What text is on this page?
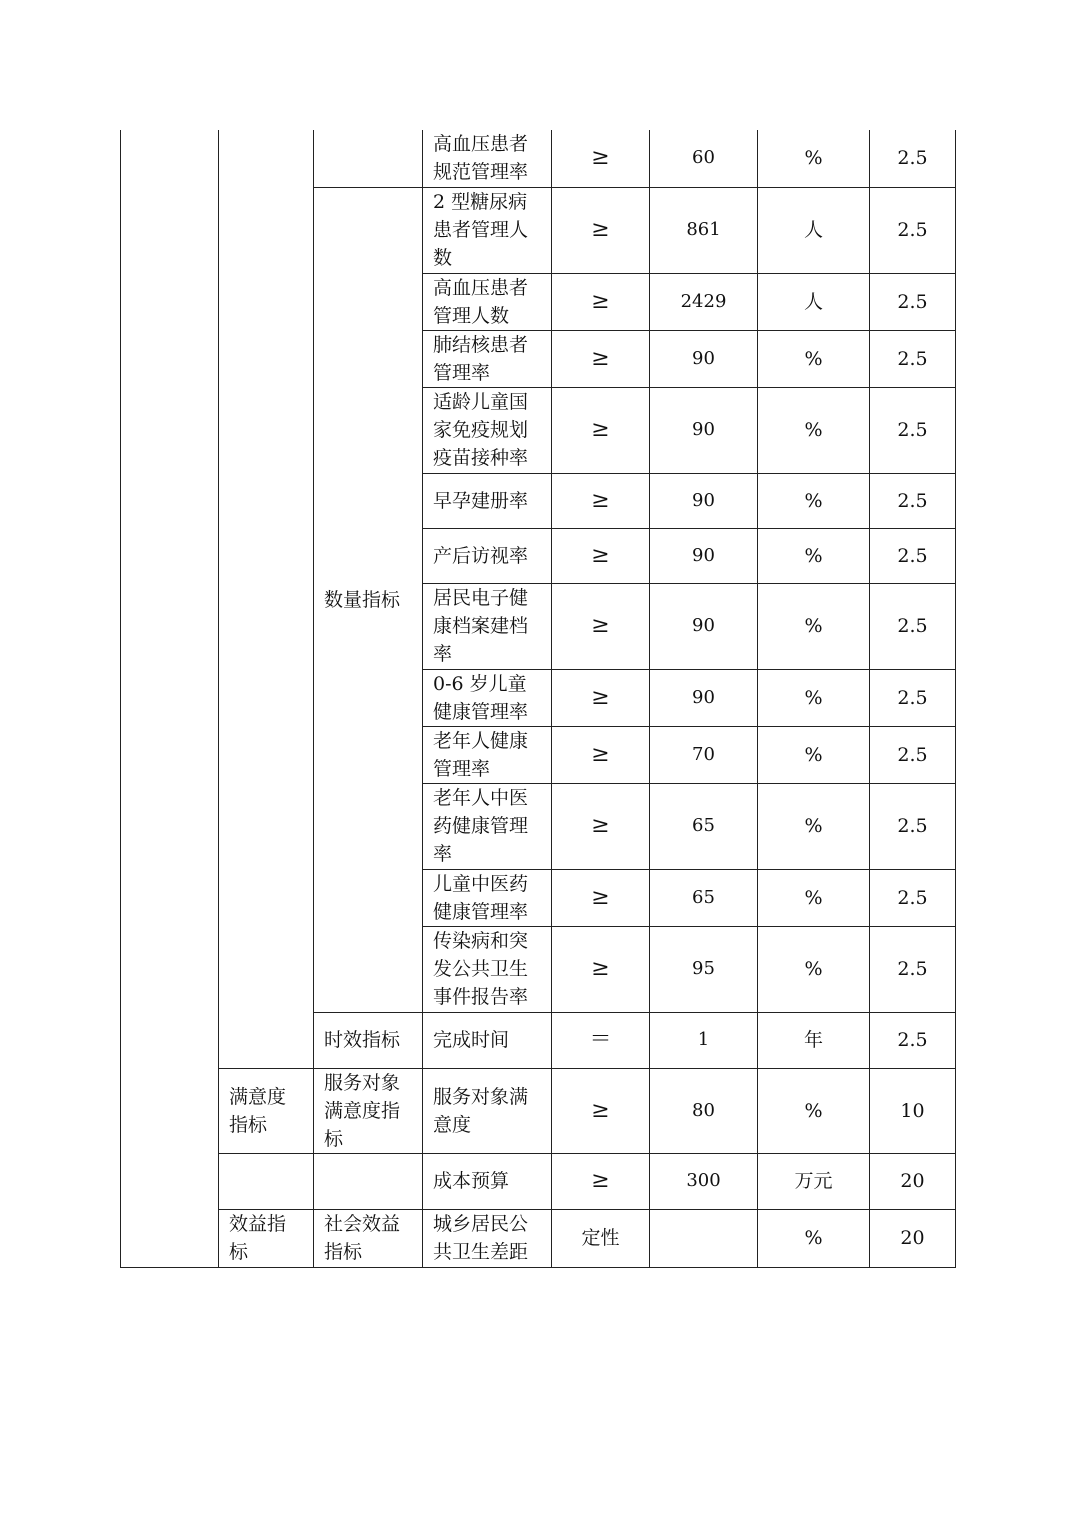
			高血压患者规范管理率	≥	60	%	2.5
		数量指标	2 型糖尿病患者管理人数	≥	861	人	2.5
			高血压患者管理人数	≥	2429	人	2.5
			肺结核患者管理率	≥	90	%	2.5
			适龄儿童国家免疫规划疫苗接种率	≥	90	%	2.5
			早孕建册率	≥	90	%	2.5
			产后访视率	≥	90	%	2.5
			居民电子健康档案建档率	≥	90	%	2.5
			0-6 岁儿童健康管理率	≥	90	%	2.5
			老年人健康管理率	≥	70	%	2.5
			老年人中医药健康管理率	≥	65	%	2.5
			儿童中医药健康管理率	≥	65	%	2.5
			传染病和突发公共卫生事件报告率	≥	95	%	2.5
		时效指标	完成时间	＝	1	年	2.5
	满意度指标	服务对象满意度指标	服务对象满意度	≥	80	%	10
			成本预算	≥	300	万元	20
	效益指标	社会效益指标	城乡居民公共卫生差距	定性		%	20
